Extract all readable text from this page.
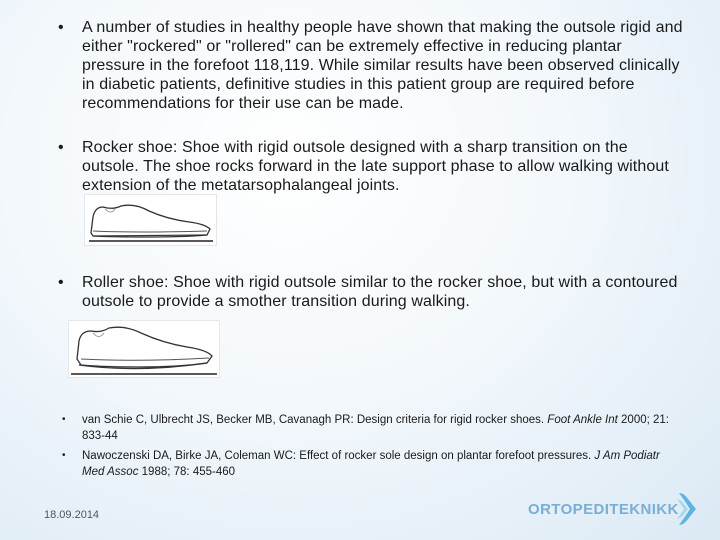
• A number of studies in healthy people have shown that making the outsole rigid and either "rockered" or "rollered" can be extremely effective in reducing plantar pressure in the forefoot 118,119. While similar results have been observed clinically in diabetic patients, definitive studies in this patient group are required before recommendations for their use can be made.
• Rocker shoe: Shoe with rigid outsole designed with a sharp transition on the outsole. The shoe rocks forward in the late support phase to allow walking without extension of the metatarsophalangeal joints.
• Roller shoe: Shoe with rigid outsole similar to the rocker shoe, but with a contoured outsole to provide a smother transition during walking.
• van Schie C, Ulbrecht JS, Becker MB, Cavanagh PR: Design criteria for rigid rocker shoes. Foot Ankle Int 2000; 21: 833-44
• Nawoczenski DA, Birke JA, Coleman WC: Effect of rocker sole design on plantar forefoot pressures. J Am Podiatr Med Assoc 1988; 78: 455-460
18.09.2014	ORTOPEDITEKNIKK
